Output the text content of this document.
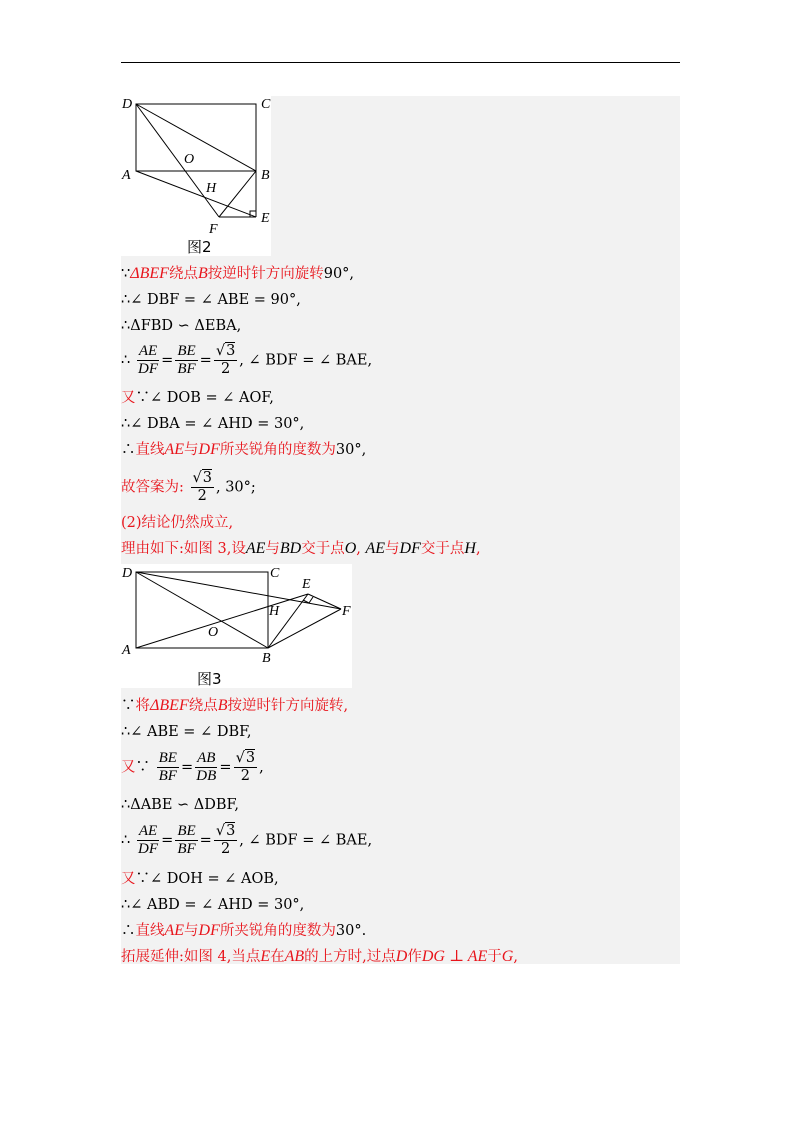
D	C
A	B
O
H
F
E
图2
∵ΔBEF绕点B按逆时针方向旋转90°,
∴∠ DBF = ∠ ABE = 90°,
∴ΔFBD ∽ ΔEBA,
∴ $\frac{AE}{DF} = \frac{BE}{BF} = \frac{√3}{2}$ , ∠ BDF = ∠ BAE,
又∵∠ DOB = ∠ AOF,
∴∠ DBA = ∠ AHD = 30°,
∴直线AE与DF所夹锐角的度数为30°,
故答案为: $\frac{√3}{2}$ , 30°;
(2)结论仍然成立,
理由如下:如图 3,设AE与BD交于点O, AE与DF交于点H,
D	C
A
B
O
H
E
F
图3
∵将ΔBEF绕点B按逆时针方向旋转,
∴∠ ABE = ∠ DBF,
又∵ $\frac{BE}{BF} = \frac{AB}{DB} = \frac{√3}{2}$ ,
∴ΔABE ∽ ΔDBF,
∴ $\frac{AE}{DF} = \frac{BE}{BF} = \frac{√3}{2}$ , ∠ BDF = ∠ BAE,
又∵∠ DOH = ∠ AOB,
∴∠ ABD = ∠ AHD = 30°,
∴直线AE与DF所夹锐角的度数为30°.
拓展延伸:如图 4,当点E在AB的上方时,过点D作DG ⊥ AE于G,
